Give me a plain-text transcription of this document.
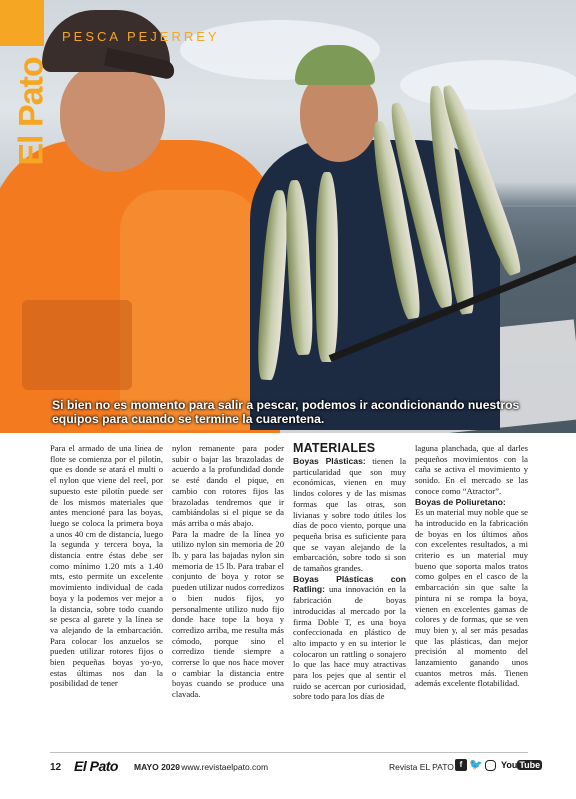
Si bien no es momento para salir a pescar, podemos ir acondicionando nuestros equipos para cuando se termine la cuarentena.
El Pato
PESCA PEJERREY
Para el armado de una línea de flote se comienza por el pilotín, que es donde se atará el multi o el nylon que viene del reel, por supuesto este pilotín puede ser de los mismos materiales que antes mencioné para las boyas, luego se coloca la primera boya a unos 40 cm de distancia, luego la segunda y tercera boya, la distancia entre éstas debe ser como mínimo 1.20 mts a 1.40 mts, esto permite un excelente movimiento individual de cada boya y la podemos ver mejor a la distancia, sobre todo cuando se pesca al garete y la línea se va alejando de la embarcación. Para colocar los anzuelos se pueden utilizar rotores fijos o bien pequeñas boyas yo-yo, estas últimas nos dan la posibilidad de tener
nylon remanente para poder subir o bajar las brazoladas de acuerdo a la profundidad donde se esté dando el pique, en cambio con rotores fijos las brazoladas tendremos que ir cambiándolas si el pique se da más arriba o más abajo.
Para la madre de la línea yo utilizo nylon sin memoria de 20 lb. y para las bajadas nylon sin memoria de 15 lb. Para trabar el conjunto de boya y rotor se pueden utilizar nudos corredizos o bien nudos fijos, yo personalmente utilizo nudo fijo donde hace tope la boya y corredizo arriba, me resulta más cómodo, porque sino el corredizo tiende siempre a correrse lo que nos hace mover o cambiar la distancia entre boyas cuando se produce una clavada.
MATERIALES
Boyas Plásticas: tienen la particularidad que son muy económicas, vienen en muy lindos colores y de las mismas formas que las otras, son livianas y sobre todo útiles los días de poco viento, porque una pequeña brisa es suficiente para que se vayan alejando de la embarcación, sobre todo si son de tamaños grandes.
Boyas Plásticas con Ratling: una innovación en la fabricación de boyas introducidas al mercado por la firma Doble T, es una boya confeccionada en plástico de alto impacto y en su interior le colocaron un rattling o sonajero lo que las hace muy atractivas para los pejes que al sentir el ruido se acercan por curiosidad, sobre todo para los días de
laguna planchada, que al darles pequeños movimientos con la caña se activa el movimiento y sonido. En el mercado se las conoce como “Atractor”.
Boyas de Poliuretano:
Es un material muy noble que se ha introducido en la fabricación de boyas en los últimos años con excelentes resultados, a mi criterio es un material muy bueno que soporta malos tratos como golpes en el casco de la embarcación sin que salte la pintura ni se rompa la boya, vienen en excelentes gamas de colores y de formas, que se ven muy bien y, al ser más pesadas que las plásticas, dan mejor precisión al momento del lanzamiento ganando unos cuantos metros más. Tienen además excelente flotabilidad.
12 El Pato MAYO 2020
· www.revistaelpato.com	Revista EL PATO f 🐦 You Tube
